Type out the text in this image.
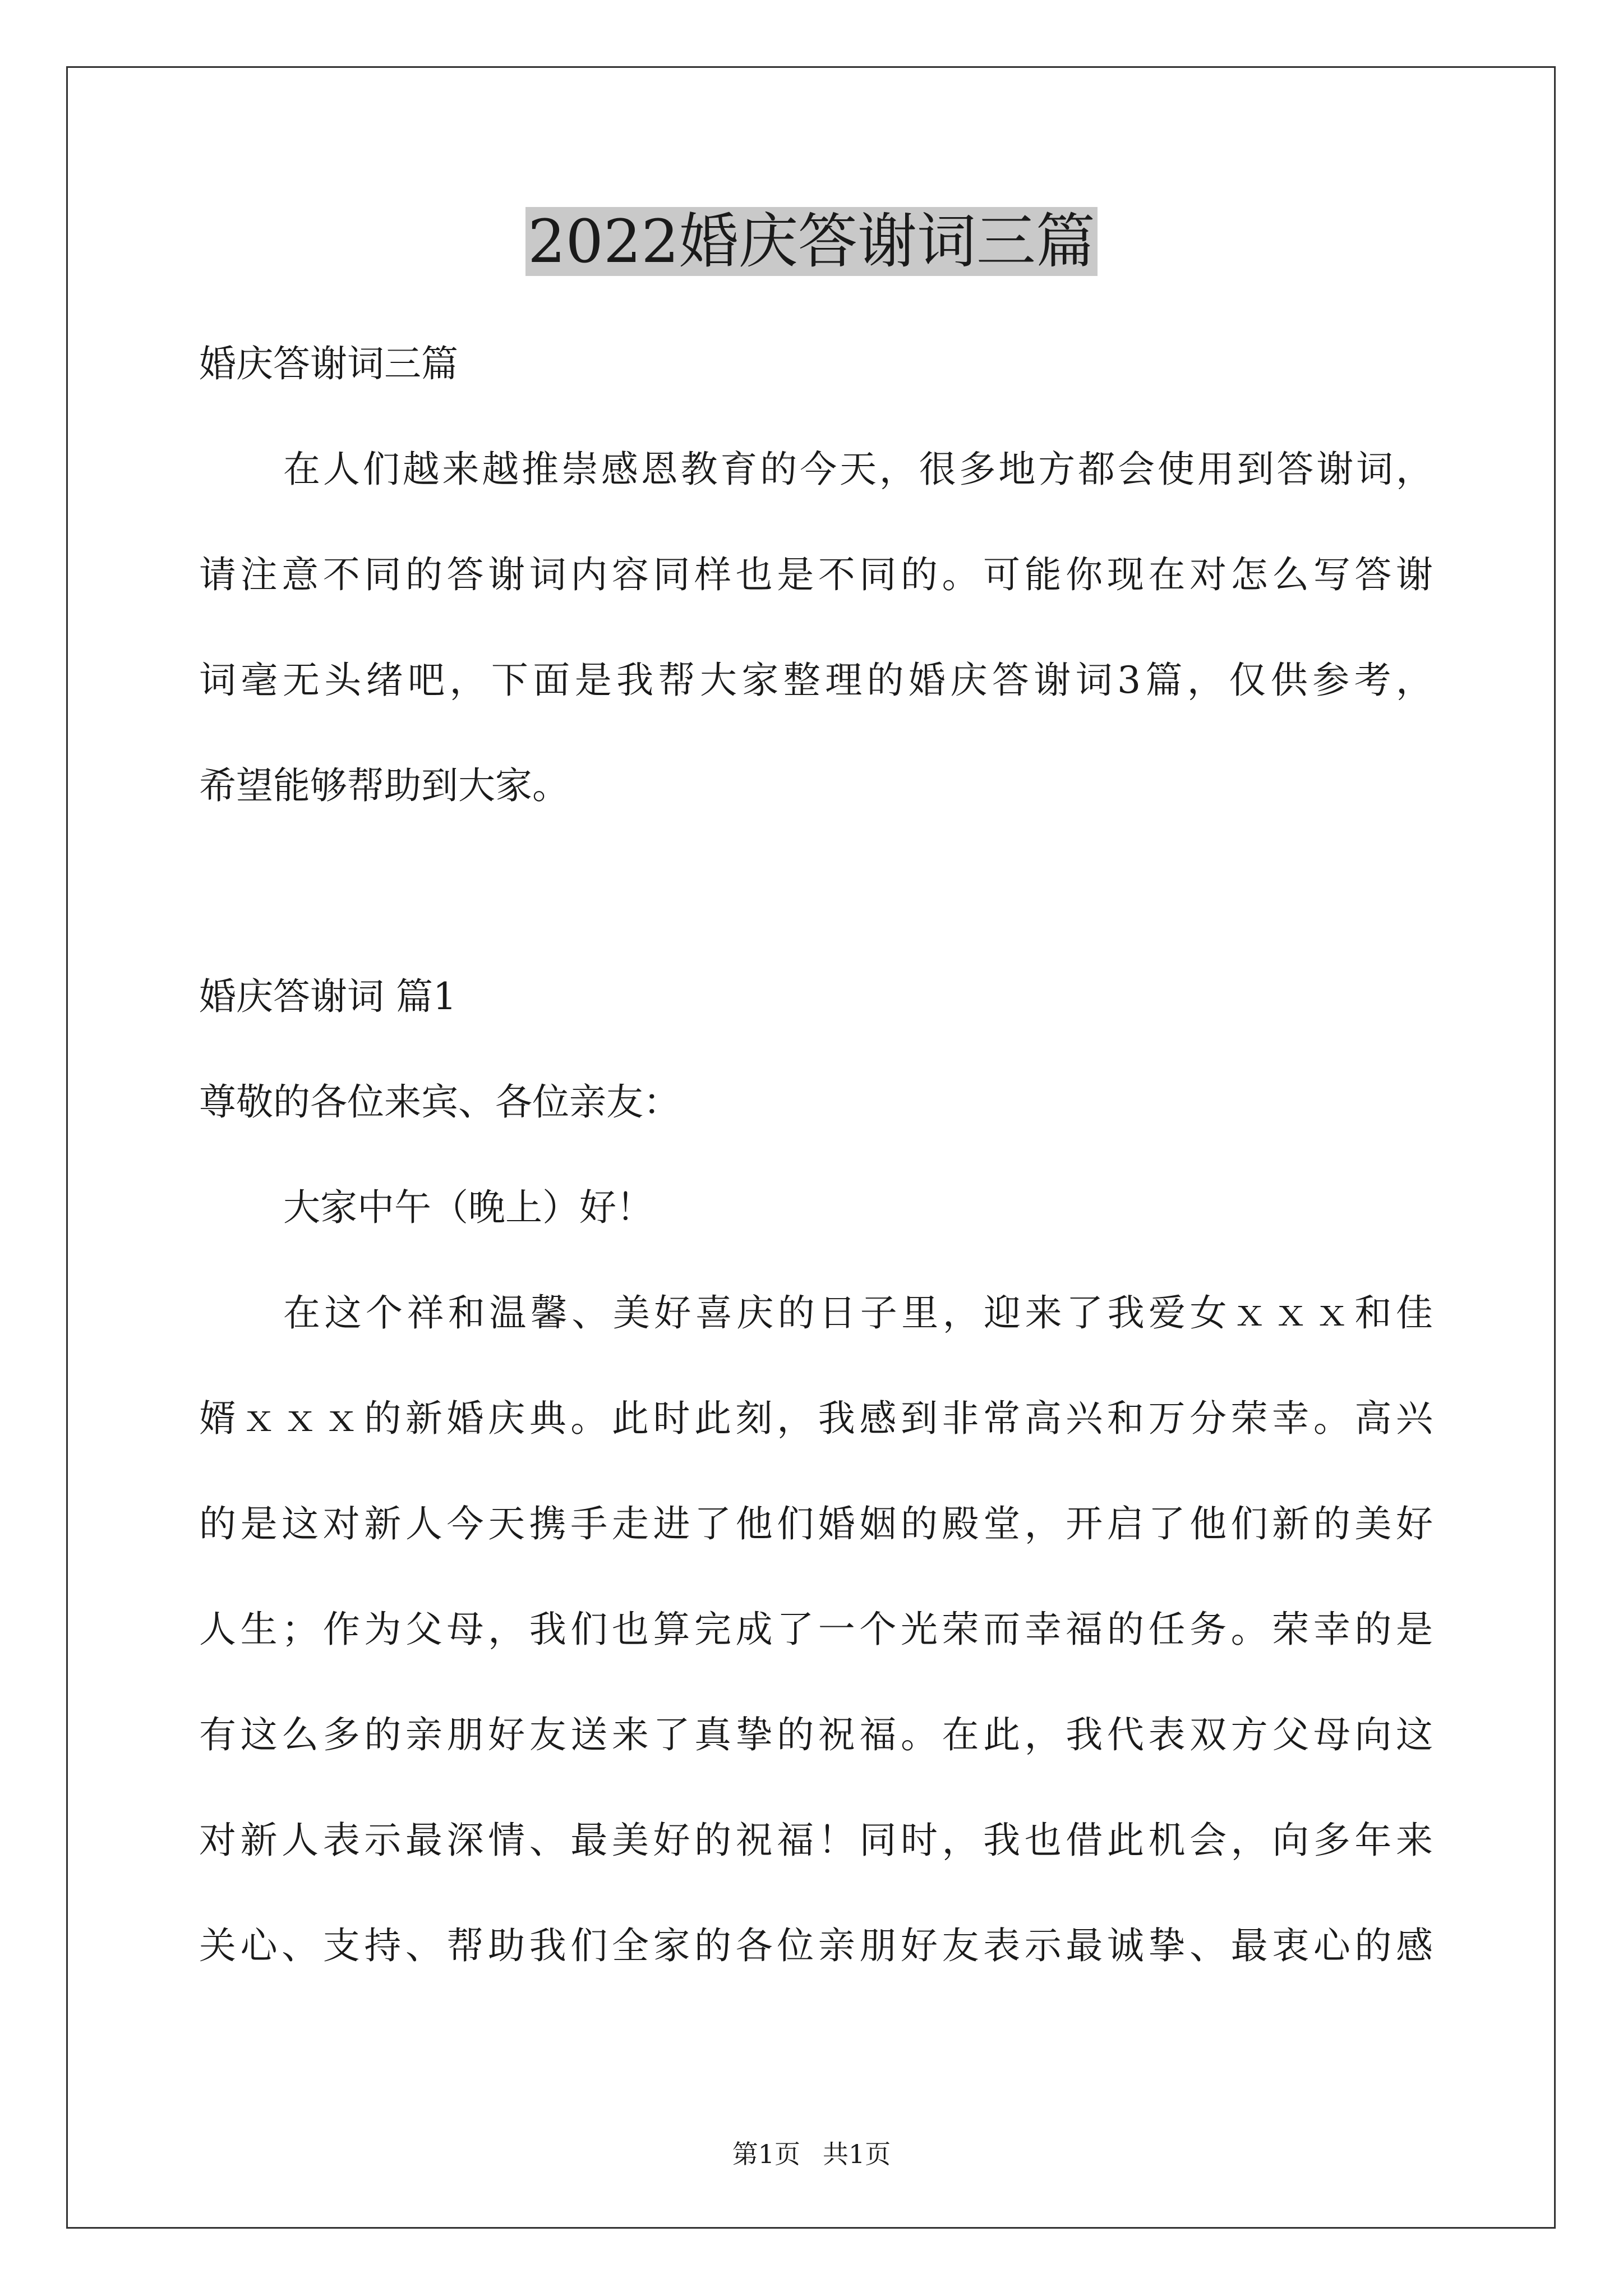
2022婚庆答谢词三篇

婚庆答谢词三篇

在人们越来越推崇感恩教育的今天，很多地方都会使用到答谢词，

请注意不同的答谢词内容同样也是不同的。可能你现在对怎么写答谢

词毫无头绪吧，下面是我帮大家整理的婚庆答谢词3篇，仅供参考，

希望能够帮助到大家。

婚庆答谢词 篇1

尊敬的各位来宾、各位亲友：

大家中午（晚上）好！

在这个祥和温馨、美好喜庆的日子里，迎来了我爱女ｘｘｘ和佳

婿ｘｘｘ的新婚庆典。此时此刻，我感到非常高兴和万分荣幸。高兴

的是这对新人今天携手走进了他们婚姻的殿堂，开启了他们新的美好

人生；作为父母，我们也算完成了一个光荣而幸福的任务。荣幸的是

有这么多的亲朋好友送来了真挚的祝福。在此，我代表双方父母向这

对新人表示最深情、最美好的祝福！同时，我也借此机会，向多年来

关心、支持、帮助我们全家的各位亲朋好友表示最诚挚、最衷心的感

第1页 共1页
